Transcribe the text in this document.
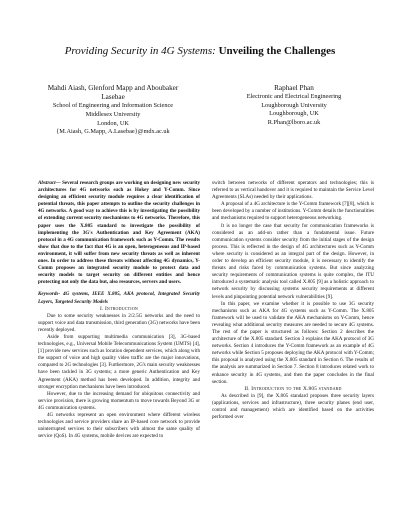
Providing Security in 4G Systems: Unveiling the Challenges
Mahdi Aiash, Glenford Mapp and Aboubaker Lasebae
School of Engineering and Information Science
Middlesex University
London, UK
{M.Aiash, G.Mapp, A.Lasebae}@mdx.ac.uk
Raphael Phan
Electronic and Electrical Engineering
Loughborough University
Loughborough, UK
R.Phan@lboro.ac.uk

Abstract— Several research groups are working on designing new security architectures for 4G networks such as Hokey and Y-Comm. Since designing an efficient security module requires a clear identification of potential threats, this paper attempts to outline the security challenges in 4G networks. A good way to achieve this is by investigating the possibility of extending current security mechanisms to 4G networks. Therefore, this paper uses the X.805 standard to investigate the possibility of implementing the 3G's Authentication and Key Agreement (AKA) protocol in a 4G communication framework such as Y-Comm. The results show that due to the fact that 4G is an open, heterogeneous and IP-based environment, it will suffer from new security threats as well as inherent ones. In order to address these threats without affecting 4G dynamics, Y-Comm proposes an integrated security module to protect data and security models to target security on different entities and hence protecting not only the data but, also resources, servers and users.

Keywords- 4G systems, IEEE X.805, AKA protocol, Integrated Security Layers, Targeted Security Models

I. Introduction

Due to some security weaknesses in 2/2.5G networks and the need to support voice and data transmission, third generation (3G) networks have been recently deployed.

Aside from supporting multimedia communication [3], 3G-based technologies, e.g., Universal Mobile Telecommunications System (UMTS) [4], [1] provide new services such as location dependent services, which along with the support of voice and high quality video traffic are the major innovations, compared to 2G technologies [3]. Furthermore, 2G's main security weaknesses have been tackled in 3G systems; a more generic Authentication and Key Agreement (AKA) method has been developed. In addition, integrity and stronger encryption mechanisms have been introduced.

However, due to the increasing demand for ubiquitous connectivity and service provision, there is growing momentum to move towards Beyond 3G or 4G communication systems.

4G networks represent an open environment where different wireless technologies and service providers share an IP-based core network to provide uninterrupted services to their subscribers with almost the same quality of service (QoS). In 4G systems, mobile devices are expected to

switch between networks of different operators and technologies; this is referred to as vertical handover and it is required to maintain the Service Level Agreements (SLAs) needed by their applications.

A proposal of a 4G architecture is the Y-Comm framework [7][8], which is been developed by a number of institutions. Y-Comm details the functionalities and mechanisms required to support heterogeneous networking.

It is no longer the case that security for communication frameworks is considered as an add-on rather than a fundamental issue. Future communication systems consider security from the initial stages of the design process. This is reflected in the design of 4G architectures such as Y-Comm where security is considered as an integral part of the design. However, in order to develop an efficient security module, it is necessary to identify the threats and risks faced by communication systems. But since analyzing security requirements of communication systems is quite complex, the ITU introduced a systematic analysis tool called X.805 [9] as a holistic approach to network security by discussing systems security requirements at different levels and pinpointing potential network vulnerabilities [9].

In this paper, we examine whether it is possible to use 3G security mechanisms such as AKA for 4G systems such as Y-Comm. The X.805 framework will be used to validate the AKA mechanisms on Y-Comm, hence revealing what additional security measures are needed to secure 4G systems. The rest of the paper is structured as follows: Section 2 describes the architecture of the X.805 standard. Section 3 explains the AKA protocol of 3G networks. Section 4 introduces the Y-Comm framework as an example of 4G networks while Section 5 proposes deploying the AKA protocol with Y-Comm; this proposal is analyzed using the X.805 standard in Section 6. The results of the analysis are summarized in Section 7. Section 8 introduces related work to enhance security in 4G systems, and then the paper concludes in the final section.

II. Introduction to the X.805 standard

As described in [9], the X.805 standard proposes three security layers (applications, services and infrastructure), three security planes (end user, control and management) which are identified based on the activities performed over
